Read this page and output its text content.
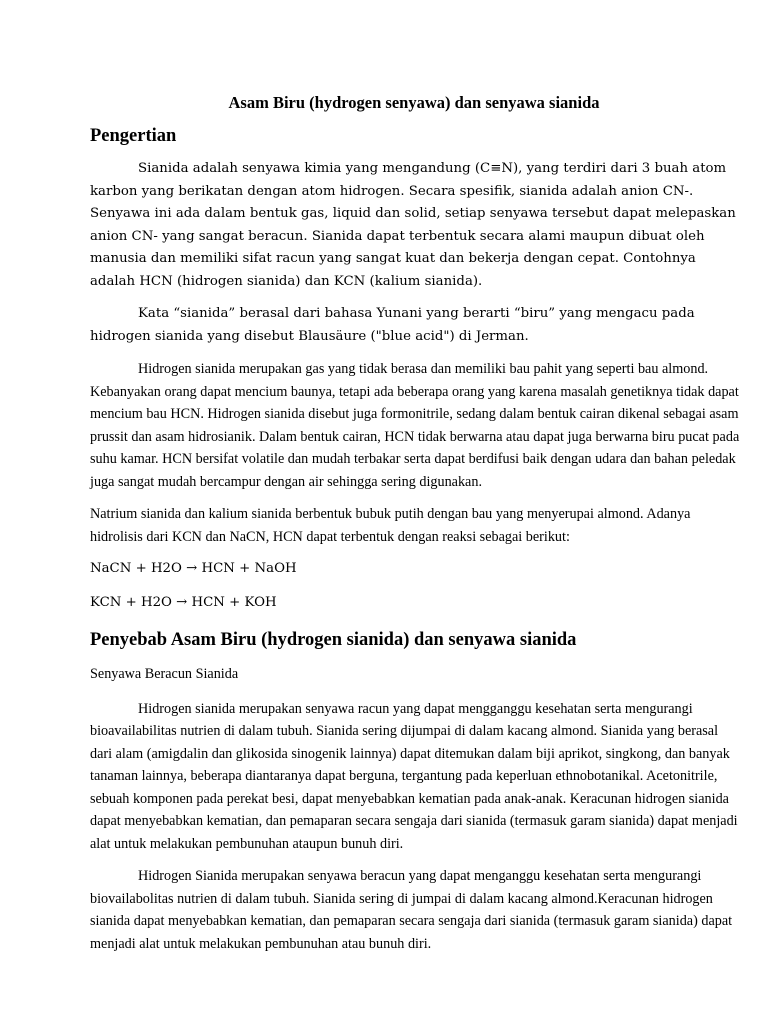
Asam Biru (hydrogen senyawa) dan senyawa sianida
Pengertian

Sianida adalah senyawa kimia yang mengandung (C≡N), yang terdiri dari 3 buah atom karbon yang berikatan dengan atom hidrogen. Secara spesifik, sianida adalah anion CN-. Senyawa ini ada dalam bentuk gas, liquid dan solid, setiap senyawa tersebut dapat melepaskan anion CN- yang sangat beracun. Sianida dapat terbentuk secara alami maupun dibuat oleh manusia dan memiliki sifat racun yang sangat kuat dan bekerja dengan cepat. Contohnya adalah HCN (hidrogen sianida) dan KCN (kalium sianida).

Kata “sianida” berasal dari bahasa Yunani yang berarti “biru” yang mengacu pada hidrogen sianida yang disebut Blausäure ("blue acid") di Jerman.

Hidrogen sianida merupakan gas yang tidak berasa dan memiliki bau pahit yang seperti bau almond. Kebanyakan orang dapat mencium baunya, tetapi ada beberapa orang yang karena masalah genetiknya tidak dapat mencium bau HCN. Hidrogen sianida disebut juga formonitrile, sedang dalam bentuk cairan dikenal sebagai asam prussit dan asam hidrosianik. Dalam bentuk cairan, HCN tidak berwarna atau dapat juga berwarna biru pucat pada suhu kamar. HCN bersifat volatile dan mudah terbakar serta dapat berdifusi baik dengan udara dan bahan peledak juga sangat mudah bercampur dengan air sehingga sering digunakan.

Natrium sianida dan kalium sianida berbentuk bubuk putih dengan bau yang menyerupai almond. Adanya hidrolisis dari KCN dan NaCN, HCN dapat terbentuk dengan reaksi sebagai berikut:

NaCN + H2O → HCN + NaOH

KCN + H2O → HCN + KOH

Penyebab Asam Biru (hydrogen sianida) dan senyawa sianida

Senyawa Beracun Sianida

Hidrogen sianida merupakan senyawa racun yang dapat mengganggu kesehatan serta mengurangi bioavailabilitas nutrien di dalam tubuh. Sianida sering dijumpai di dalam kacang almond. Sianida yang berasal dari alam (amigdalin dan glikosida sinogenik lainnya) dapat ditemukan dalam biji aprikot, singkong, dan banyak tanaman lainnya, beberapa diantaranya dapat berguna, tergantung pada keperluan ethnobotanikal. Acetonitrile, sebuah komponen pada perekat besi, dapat menyebabkan kematian pada anak-anak. Keracunan hidrogen sianida dapat menyebabkan kematian, dan pemaparan secara sengaja dari sianida (termasuk garam sianida) dapat menjadi alat untuk melakukan pembunuhan ataupun bunuh diri.

Hidrogen Sianida merupakan senyawa beracun yang dapat menganggu kesehatan serta mengurangi biovailabolitas nutrien di dalam tubuh. Sianida sering di jumpai di dalam kacang almond.Keracunan hidrogen sianida dapat menyebabkan kematian, dan pemaparan secara sengaja dari sianida (termasuk garam sianida) dapat menjadi alat untuk melakukan pembunuhan atau bunuh diri.
